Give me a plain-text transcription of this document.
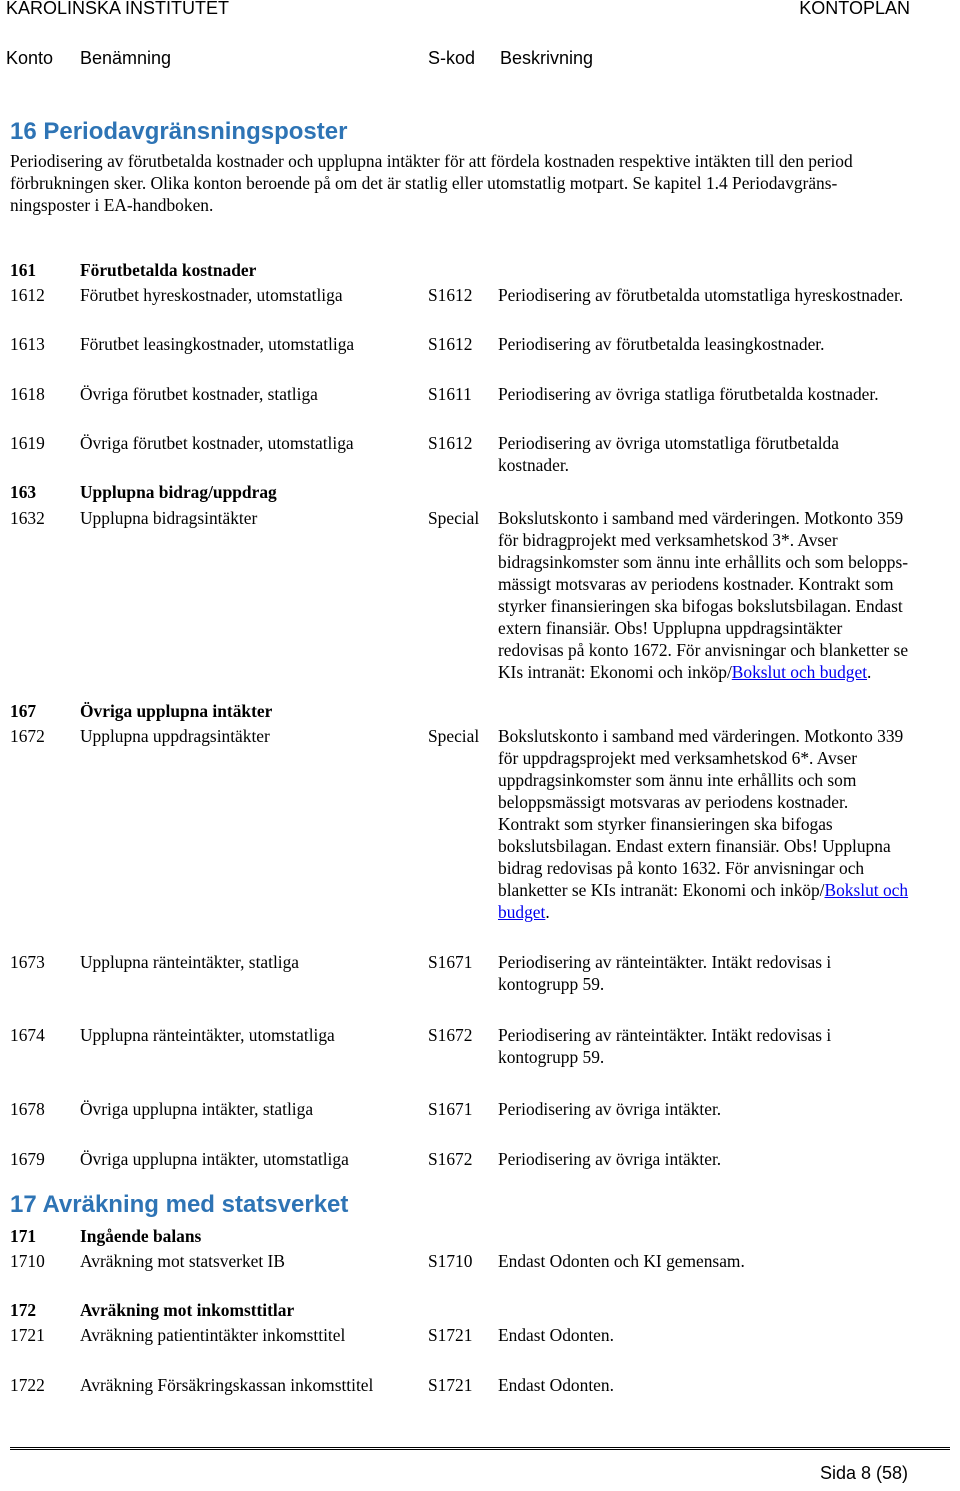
KAROLINSKA INSTITUTET	KONTOPLAN
Konto Benämning	S-kod Beskrivning
16 Periodavgränsningsposter
Periodisering av förutbetalda kostnader och upplupna intäkter för att fördela kostnaden respektive intäkten till den period
förbrukningen sker. Olika konton beroende på om det är statlig eller utomstatlig motpart. Se kapitel 1.4 Periodavgräns-
ningsposter i EA-handboken.
161	Förutbetalda kostnader
1612 Förutbet hyreskostnader, utomstatliga	S1612 Periodisering av förutbetalda utomstatliga hyreskostnader.
1613 Förutbet leasingkostnader, utomstatliga	S1612 Periodisering av förutbetalda leasingkostnader.
1618 Övriga förutbet kostnader, statliga	S1611 Periodisering av övriga statliga förutbetalda kostnader.
1619 Övriga förutbet kostnader, utomstatliga	S1612 Periodisering av övriga utomstatliga förutbetalda
kostnader.
163	Upplupna bidrag/uppdrag
1632 Upplupna bidragsintäkter	Special Bokslutskonto i samband med värderingen. Motkonto 359
för bidragprojekt med verksamhetskod 3*. Avser
bidragsinkomster som ännu inte erhållits och som belopps-
mässigt motsvaras av periodens kostnader. Kontrakt som
styrker finansieringen ska bifogas bokslutsbilagan. Endast
extern finansiär. Obs! Upplupna uppdragsintäkter
redovisas på konto 1672. För anvisningar och blanketter se
KIs intranät: Ekonomi och inköp/Bokslut och budget.
167	Övriga upplupna intäkter
1672 Upplupna uppdragsintäkter	Special Bokslutskonto i samband med värderingen. Motkonto 339
för uppdragsprojekt med verksamhetskod 6*. Avser
uppdragsinkomster som ännu inte erhållits och som
beloppsmässigt motsvaras av periodens kostnader.
Kontrakt som styrker finansieringen ska bifogas
bokslutsbilagan. Endast extern finansiär. Obs! Upplupna
bidrag redovisas på konto 1632. För anvisningar och
blanketter se KIs intranät: Ekonomi och inköp/Bokslut och
budget.
1673 Upplupna ränteintäkter, statliga	S1671 Periodisering av ränteintäkter. Intäkt redovisas i
kontogrupp 59.
1674 Upplupna ränteintäkter, utomstatliga	S1672 Periodisering av ränteintäkter. Intäkt redovisas i
kontogrupp 59.
1678 Övriga upplupna intäkter, statliga	S1671 Periodisering av övriga intäkter.
1679 Övriga upplupna intäkter, utomstatliga	S1672 Periodisering av övriga intäkter.
17 Avräkning med statsverket
171	Ingående balans
1710 Avräkning mot statsverket IB	S1710 Endast Odonten och KI gemensam.
172	Avräkning mot inkomsttitlar
1721 Avräkning patientintäkter inkomsttitel	S1721 Endast Odonten.
1722 Avräkning Försäkringskassan inkomsttitel	S1721 Endast Odonten.
Sida 8 (58)
